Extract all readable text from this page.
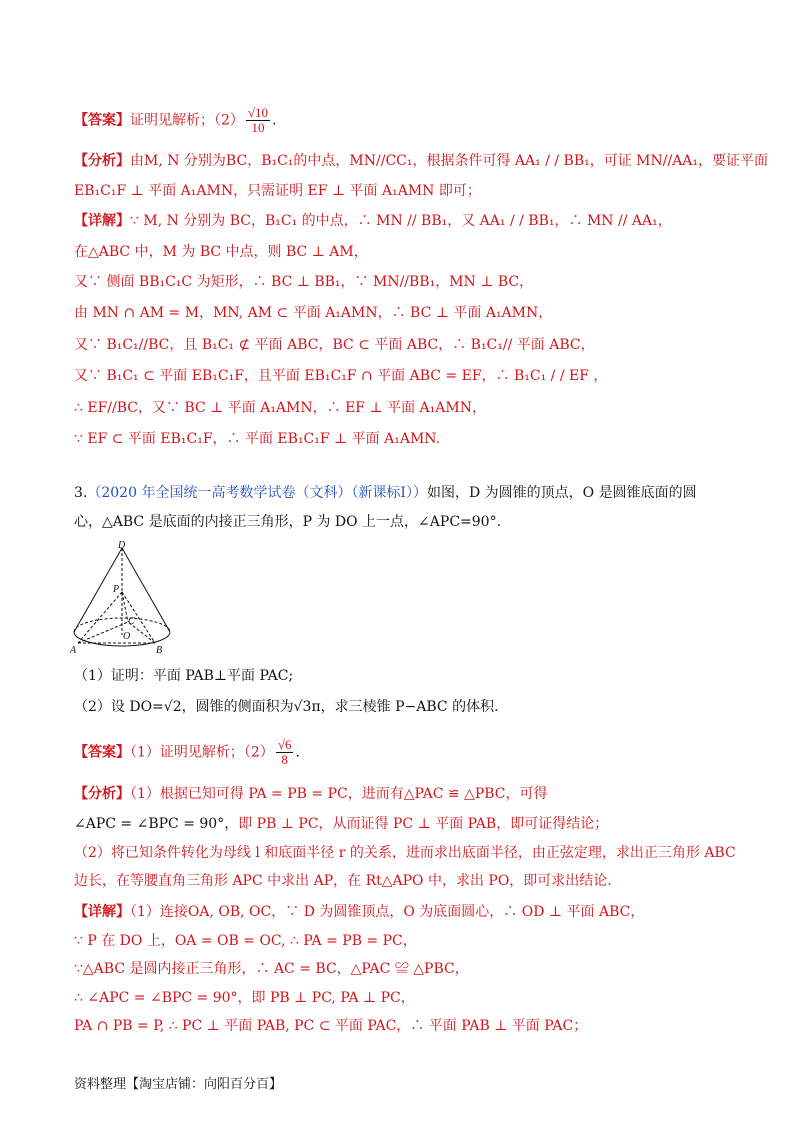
【答案】证明见解析；$(2) \frac{√10}{10}$ .
【分析】由M, N 分别为BC，B₁C₁的中点，MN//CC₁，根据条件可得 AA₁ / / BB₁，可证 MN//AA₁，要证平面
EB₁C₁F ⊥ 平面 A₁AMN，只需证明 EF ⊥ 平面 A₁AMN 即可；
【详解】∵ M, N 分别为 BC，B₁C₁ 的中点，∴ MN // BB₁，又 AA₁ / / BB₁，∴ MN // AA₁，
在△ABC 中，M 为 BC 中点，则 BC ⊥ AM，
又∵ 侧面 BB₁C₁C 为矩形，∴ BC ⊥ BB₁，∵ MN//BB₁，MN ⊥ BC，
由 MN ∩ AM = M，MN, AM ⊂ 平面 A₁AMN，∴ BC ⊥ 平面 A₁AMN，
又∵ B₁C₁//BC，且 B₁C₁ ⊄ 平面 ABC，BC ⊂ 平面 ABC，∴ B₁C₁// 平面 ABC，
又∵ B₁C₁ ⊂ 平面 EB₁C₁F，且平面 EB₁C₁F ∩ 平面 ABC = EF，∴ B₁C₁ / / EF ，
∴ EF//BC，又∵ BC ⊥ 平面 A₁AMN，∴ EF ⊥ 平面 A₁AMN，
∵ EF ⊂ 平面 EB₁C₁F，∴ 平面 EB₁C₁F ⊥ 平面 A₁AMN.
3.（2020 年全国统一高考数学试卷（文科）（新课标Ⅰ））如图，D 为圆锥的顶点，O 是圆锥底面的圆
心，△ABC 是底面的内接正三角形，P 为 DO 上一点，∠APC=90°.
D
P
C
O
A	B
（1）证明：平面 PAB⊥平面 PAC;
（2）设 DO=√2，圆锥的侧面积为√3π，求三棱锥 P−ABC 的体积.
【答案】（1）证明见解析；$(2) \frac{√6}{8}$ .
【分析】（1）根据已知可得 PA = PB = PC，进而有△PAC ≌ △PBC，可得
∠APC = ∠BPC = 90°，即 PB ⊥ PC，从而证得 PC ⊥ 平面 PAB，即可证得结论；
（2）将已知条件转化为母线 l 和底面半径 r 的关系，进而求出底面半径，由正弦定理，求出正三角形 ABC
边长，在等腰直角三角形 APC 中求出 AP，在 Rt△APO 中，求出 PO，即可求出结论.
【详解】（1）连接OA, OB, OC，∵ D 为圆锥顶点，O 为底面圆心，∴ OD ⊥ 平面 ABC，
∵ P 在 DO 上，OA = OB = OC, ∴ PA = PB = PC，
∵△ABC 是圆内接正三角形，∴ AC = BC，△PAC ≌ △PBC，
∴ ∠APC = ∠BPC = 90°，即 PB ⊥ PC, PA ⊥ PC，
PA ∩ PB = P, ∴ PC ⊥ 平面 PAB, PC ⊂ 平面 PAC，∴ 平面 PAB ⊥ 平面 PAC；
资料整理【淘宝店铺：向阳百分百】
